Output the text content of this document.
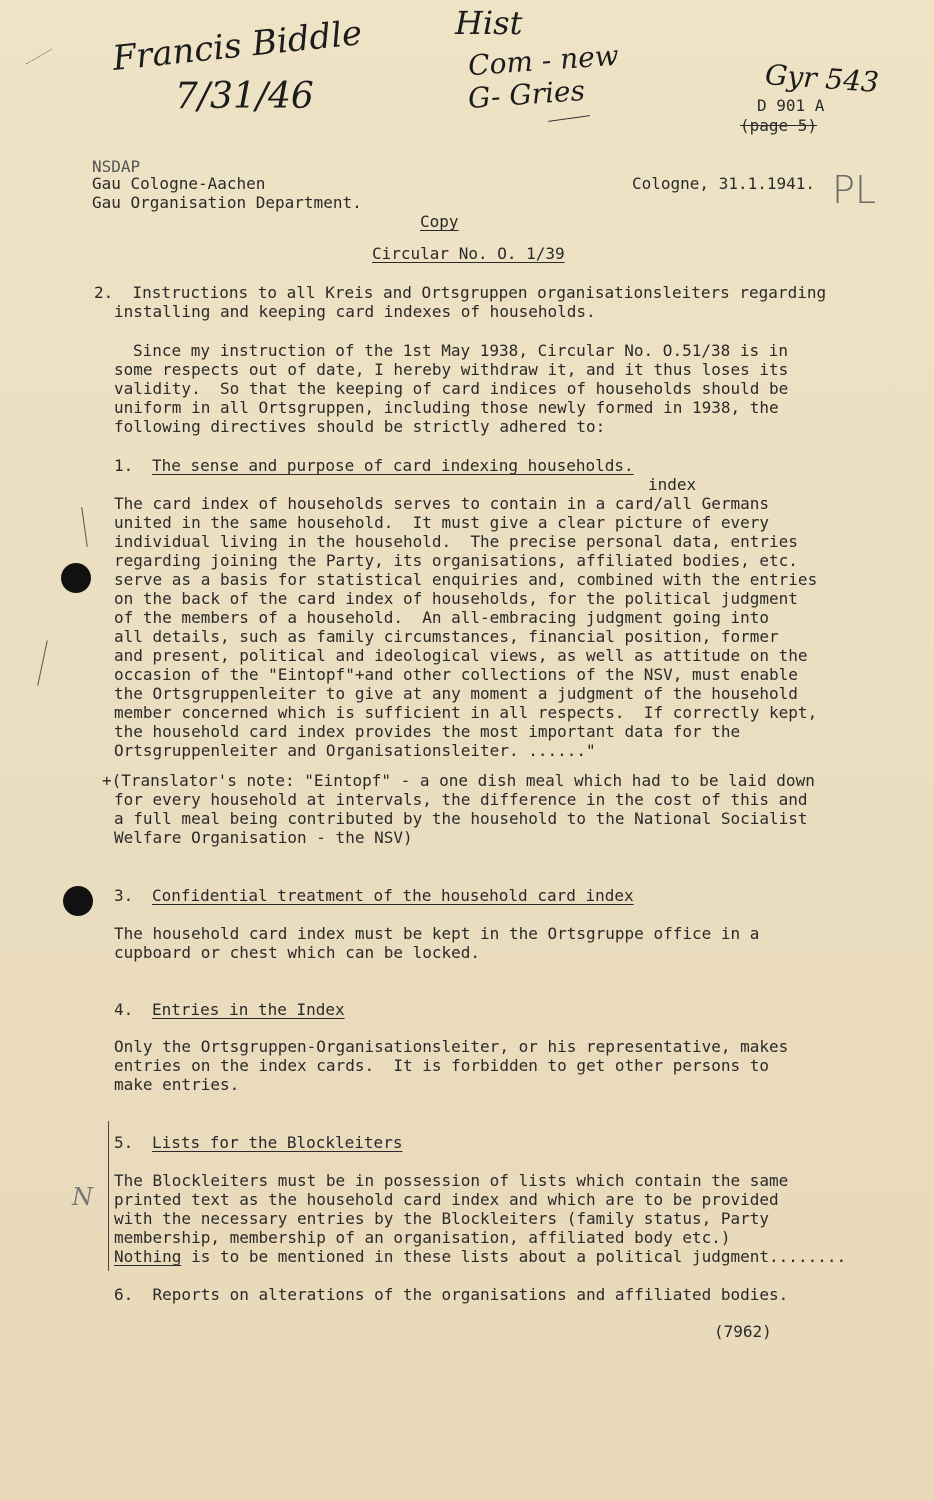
Francis Biddle
7/31/46
Hist
Com - new
G- Gries	Gyr 543
PL
N
D 901 A
(page 5)
NSDAP
Gau Cologne-Aachen
Gau Organisation Department.
Cologne, 31.1.1941.
Copy
Circular No. O. 1/39
2.  Instructions to all Kreis and Ortsgruppen organisationsleiters regarding
installing and keeping card indexes of households.
Since my instruction of the 1st May 1938, Circular No. O.51/38 is in
some respects out of date, I hereby withdraw it, and it thus loses its
validity.  So that the keeping of card indices of households should be
uniform in all Ortsgruppen, including those newly formed in 1938, the
following directives should be strictly adhered to:
1. The sense and purpose of card indexing households.
index
The card index of households serves to contain in a card/all Germans
united in the same household.  It must give a clear picture of every
individual living in the household.  The precise personal data, entries
regarding joining the Party, its organisations, affiliated bodies, etc.
serve as a basis for statistical enquiries and, combined with the entries
on the back of the card index of households, for the political judgment
of the members of a household.  An all-embracing judgment going into
all details, such as family circumstances, financial position, former
and present, political and ideological views, as well as attitude on the
occasion of the "Eintopf"+and other collections of the NSV, must enable
the Ortsgruppenleiter to give at any moment a judgment of the household
member concerned which is sufficient in all respects.  If correctly kept,
the household card index provides the most important data for the
Ortsgruppenleiter and Organisationsleiter. ......"
+(Translator's note: "Eintopf" - a one dish meal which had to be laid down
for every household at intervals, the difference in the cost of this and
a full meal being contributed by the household to the National Socialist
Welfare Organisation - the NSV)
3. Confidential treatment of the household card index
The household card index must be kept in the Ortsgruppe office in a
cupboard or chest which can be locked.
4. Entries in the Index
Only the Ortsgruppen-Organisationsleiter, or his representative, makes
entries on the index cards.  It is forbidden to get other persons to
make entries.
5. Lists for the Blockleiters
The Blockleiters must be in possession of lists which contain the same
printed text as the household card index and which are to be provided
with the necessary entries by the Blockleiters (family status, Party
membership, membership of an organisation, affiliated body etc.)
Nothing is to be mentioned in these lists about a political judgment........
6.  Reports on alterations of the organisations and affiliated bodies.
(7962)
